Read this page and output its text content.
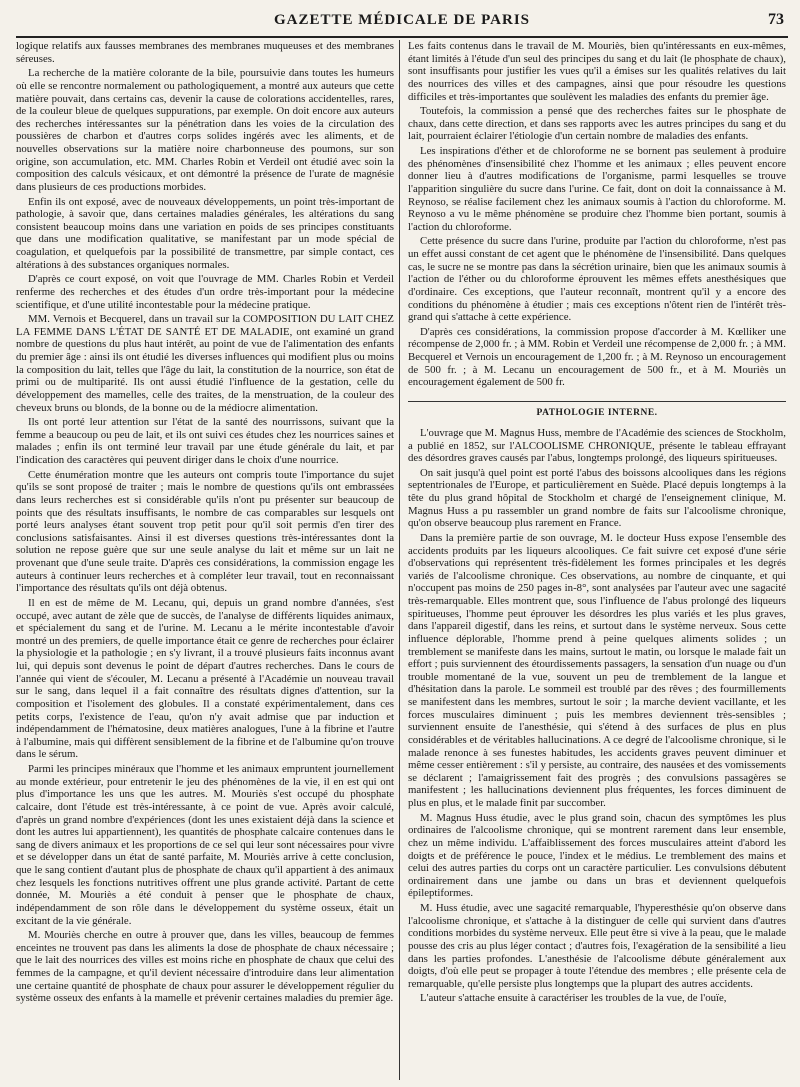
GAZETTE MÉDICALE DE PARIS	73

logique relatifs aux fausses membranes des membranes muqueuses et des membranes séreuses.

La recherche de la matière colorante de la bile, poursuivie dans toutes les humeurs où elle se rencontre normalement ou pathologiquement, a montré aux auteurs que cette matière pouvait, dans certains cas, devenir la cause de colorations accidentelles, rares, de la couleur bleue de quelques suppurations, par exemple. On doit encore aux auteurs des recherches intéressantes sur la pénétration dans les voies de la circulation des poussières de charbon et d'autres corps solides ingérés avec les aliments, et de nouvelles observations sur la matière noire charbonneuse des poumons, sur son origine, son accumulation, etc. MM. Charles Robin et Verdeil ont étudié avec soin la composition des calculs vésicaux, et ont démontré la présence de l'urate de magnésie dans plusieurs de ces productions morbides.

Enfin ils ont exposé, avec de nouveaux développements, un point très-important de pathologie, à savoir que, dans certaines maladies générales, les altérations du sang consistent beaucoup moins dans une variation en poids de ses principes constituants que dans une modification qualitative, se manifestant par un mode spécial de coagulation, et quelquefois par la possibilité de transmettre, par simple contact, ces altérations à des substances organiques normales.

D'après ce court exposé, on voit que l'ouvrage de MM. Charles Robin et Verdeil renferme des recherches et des études d'un ordre très-important pour la médecine scientifique, et d'une utilité incontestable pour la médecine pratique.

MM. Vernois et Becquerel, dans un travail sur la COMPOSITION DU LAIT CHEZ LA FEMME DANS L'ÉTAT DE SANTÉ ET DE MALADIE, ont examiné un grand nombre de questions du plus haut intérêt, au point de vue de l'alimentation des enfants du premier âge : ainsi ils ont étudié les diverses influences qui modifient plus ou moins la composition du lait, telles que l'âge du lait, la constitution de la nourrice, son état de primi ou de multiparité. Ils ont aussi étudié l'influence de la gestation, celle du développement des mamelles, celle des traites, de la menstruation, de la couleur des cheveux bruns ou blonds, de la bonne ou de la médiocre alimentation.

Ils ont porté leur attention sur l'état de la santé des nourrissons, suivant que la femme a beaucoup ou peu de lait, et ils ont suivi ces études chez les nourrices saines et malades ; enfin ils ont terminé leur travail par une étude générale du lait, et par l'indication des caractères qui peuvent diriger dans le choix d'une nourrice.

Cette énumération montre que les auteurs ont compris toute l'importance du sujet qu'ils se sont proposé de traiter ; mais le nombre de questions qu'ils ont embrassées dans leurs recherches est si considérable qu'ils n'ont pu présenter sur beaucoup de points que des résultats insuffisants, le nombre de cas comparables sur lesquels ont porté leurs analyses étant souvent trop petit pour qu'il soit permis d'en tirer des conclusions satisfaisantes. Ainsi il est diverses questions très-intéressantes dont la solution ne repose guère que sur une seule analyse du lait et même sur un lait ne provenant que d'une seule traite. D'après ces considérations, la commission engage les auteurs à continuer leurs recherches et à compléter leur travail, tout en reconnaissant l'importance des résultats qu'ils ont déjà obtenus.

Il en est de même de M. Lecanu, qui, depuis un grand nombre d'années, s'est occupé, avec autant de zèle que de succès, de l'analyse de différents liquides animaux, et spécialement du sang et de l'urine. M. Lecanu a le mérite incontestable d'avoir montré un des premiers, de quelle importance était ce genre de recherches pour éclairer la physiologie et la pathologie ; en s'y livrant, il a trouvé plusieurs faits inconnus avant lui, qui depuis sont devenus le point de départ d'autres recherches. Dans le cours de l'année qui vient de s'écouler, M. Lecanu a présenté à l'Académie un nouveau travail sur le sang, dans lequel il a fait connaître des résultats dignes d'attention, sur la composition et l'isolement des globules. Il a constaté expérimentalement, dans ces petits corps, l'existence de l'eau, qu'on n'y avait admise que par induction et indépendamment de l'hématosine, deux matières analogues, l'une à la fibrine et l'autre à l'albumine, mais qui diffèrent sensiblement de la fibrine et de l'albumine qu'on trouve dans le sérum.

Parmi les principes minéraux que l'homme et les animaux empruntent journellement au monde extérieur, pour entretenir le jeu des phénomènes de la vie, il en est qui ont plus d'importance les uns que les autres. M. Mouriès s'est occupé du phosphate calcaire, dont l'étude est très-intéressante, à ce point de vue. Après avoir calculé, d'après un grand nombre d'expériences (dont les unes existaient déjà dans la science et dont les autres lui appartiennent), les quantités de phosphate calcaire contenues dans le sang de divers animaux et les proportions de ce sel qui leur sont nécessaires pour vivre et se développer dans un état de santé parfaite, M. Mouriès arrive à cette conclusion, que le sang contient d'autant plus de phosphate de chaux qu'il appartient à des animaux chez lesquels les fonctions nutritives offrent une plus grande activité. Partant de cette donnée, M. Mouriès a été conduit à penser que le phosphate de chaux, indépendamment de son rôle dans le développement du système osseux, était un excitant de la vie générale.

M. Mouriès cherche en outre à prouver que, dans les villes, beaucoup de femmes enceintes ne trouvent pas dans les aliments la dose de phosphate de chaux nécessaire ; que le lait des nourrices des villes est moins riche en phosphate de chaux que celui des femmes de la campagne, et qu'il devient nécessaire d'introduire dans leur alimentation une certaine quantité de phosphate de chaux pour assurer le développement régulier du système osseux des enfants à la mamelle et prévenir certaines maladies du premier âge.

Les faits contenus dans le travail de M. Mouriès, bien qu'intéressants en eux-mêmes, étant limités à l'étude d'un seul des principes du sang et du lait (le phosphate de chaux), sont insuffisants pour justifier les vues qu'il a émises sur les qualités relatives du lait des nourrices des villes et des campagnes, ainsi que pour résoudre les questions difficiles et très-importantes que soulèvent les maladies des enfants du premier âge.

Toutefois, la commission a pensé que des recherches faites sur le phosphate de chaux, dans cette direction, et dans ses rapports avec les autres principes du sang et du lait, pourraient éclairer l'étiologie d'un certain nombre de maladies des enfants.

Les inspirations d'éther et de chloroforme ne se bornent pas seulement à produire des phénomènes d'insensibilité chez l'homme et les animaux ; elles peuvent encore donner lieu à d'autres modifications de l'organisme, parmi lesquelles se trouve l'apparition singulière du sucre dans l'urine. Ce fait, dont on doit la connaissance à M. Reynoso, se réalise facilement chez les animaux soumis à l'action du chloroforme. M. Reynoso a vu le même phénomène se produire chez l'homme bien portant, soumis à l'action du chloroforme.

Cette présence du sucre dans l'urine, produite par l'action du chloroforme, n'est pas un effet aussi constant de cet agent que le phénomène de l'insensibilité. Dans quelques cas, le sucre ne se montre pas dans la sécrétion urinaire, bien que les animaux soumis à l'action de l'éther ou du chloroforme éprouvent les mêmes effets anesthésiques que d'ordinaire. Ces exceptions, que l'auteur reconnaît, montrent qu'il y a encore des conditions du phénomène à étudier ; mais ces exceptions n'ôtent rien de l'intérêt très-grand qui s'attache à cette expérience.

D'après ces considérations, la commission propose d'accorder à M. Kœlliker une récompense de 2,000 fr. ; à MM. Robin et Verdeil une récompense de 2,000 fr. ; à MM. Becquerel et Vernois un encouragement de 1,200 fr. ; à M. Reynoso un encouragement de 500 fr. ; à M. Lecanu un encouragement de 500 fr., et à M. Mouriès un encouragement également de 500 fr.

PATHOLOGIE INTERNE.

L'ouvrage que M. Magnus Huss, membre de l'Académie des sciences de Stockholm, a publié en 1852, sur l'ALCOOLISME CHRONIQUE, présente le tableau effrayant des désordres graves causés par l'abus, longtemps prolongé, des liqueurs spiritueuses.

On sait jusqu'à quel point est porté l'abus des boissons alcooliques dans les régions septentrionales de l'Europe, et particulièrement en Suède. Placé depuis longtemps à la tête du plus grand hôpital de Stockholm et chargé de l'enseignement clinique, M. Magnus Huss a pu rassembler un grand nombre de faits sur l'alcoolisme chronique, qu'on observe beaucoup plus rarement en France.

Dans la première partie de son ouvrage, M. le docteur Huss expose l'ensemble des accidents produits par les liqueurs alcooliques. Ce fait suivre cet exposé d'une série d'observations qui représentent très-fidèlement les formes principales et les degrés variés de l'alcoolisme chronique. Ces observations, au nombre de cinquante, et qui n'occupent pas moins de 250 pages in-8°, sont analysées par l'auteur avec une sagacité très-remarquable. Elles montrent que, sous l'influence de l'abus prolongé des liqueurs spiritueuses, l'homme peut éprouver les désordres les plus variés et les plus graves, dans l'appareil digestif, dans les reins, et surtout dans le système nerveux. Sous cette influence déplorable, l'homme prend à peine quelques aliments solides ; un tremblement se manifeste dans les mains, surtout le matin, ou lorsque le malade fait un effort ; puis surviennent des étourdissements passagers, la sensation d'un nuage ou d'un trouble momentané de la vue, souvent un peu de tremblement de la langue et d'hésitation dans la parole. Le sommeil est troublé par des rêves ; des fourmillements se manifestent dans les membres, surtout le soir ; la marche devient vacillante, et les forces musculaires diminuent ; puis les membres deviennent très-sensibles ; surviennent ensuite de l'anesthésie, qui s'étend à des surfaces de plus en plus considérables et de véritables hallucinations. A ce degré de l'alcoolisme chronique, si le malade renonce à ses funestes habitudes, les accidents graves peuvent diminuer et même cesser entièrement : s'il y persiste, au contraire, des nausées et des vomissements se déclarent ; l'amaigrissement fait des progrès ; des convulsions passagères se manifestent ; les hallucinations deviennent plus fréquentes, les forces diminuent de plus en plus, et le malade finit par succomber.

M. Magnus Huss étudie, avec le plus grand soin, chacun des symptômes les plus ordinaires de l'alcoolisme chronique, qui se montrent rarement dans leur ensemble, chez un même individu. L'affaiblissement des forces musculaires atteint d'abord les doigts et de préférence le pouce, l'index et le médius. Le tremblement des mains et celui des autres parties du corps ont un caractère particulier. Les convulsions débutent ordinairement dans une jambe ou dans un bras et deviennent quelquefois épileptiformes.

M. Huss étudie, avec une sagacité remarquable, l'hyperesthésie qu'on observe dans l'alcoolisme chronique, et s'attache à la distinguer de celle qui survient dans d'autres conditions morbides du système nerveux. Elle peut être si vive à la peau, que le malade pousse des cris au plus léger contact ; d'autres fois, l'exagération de la sensibilité a lieu dans les parties profondes. L'anesthésie de l'alcoolisme débute généralement aux doigts, d'où elle peut se propager à toute l'étendue des membres ; elle présente cela de remarquable, qu'elle persiste plus longtemps que la plupart des autres accidents.

L'auteur s'attache ensuite à caractériser les troubles de la vue, de l'ouïe,
